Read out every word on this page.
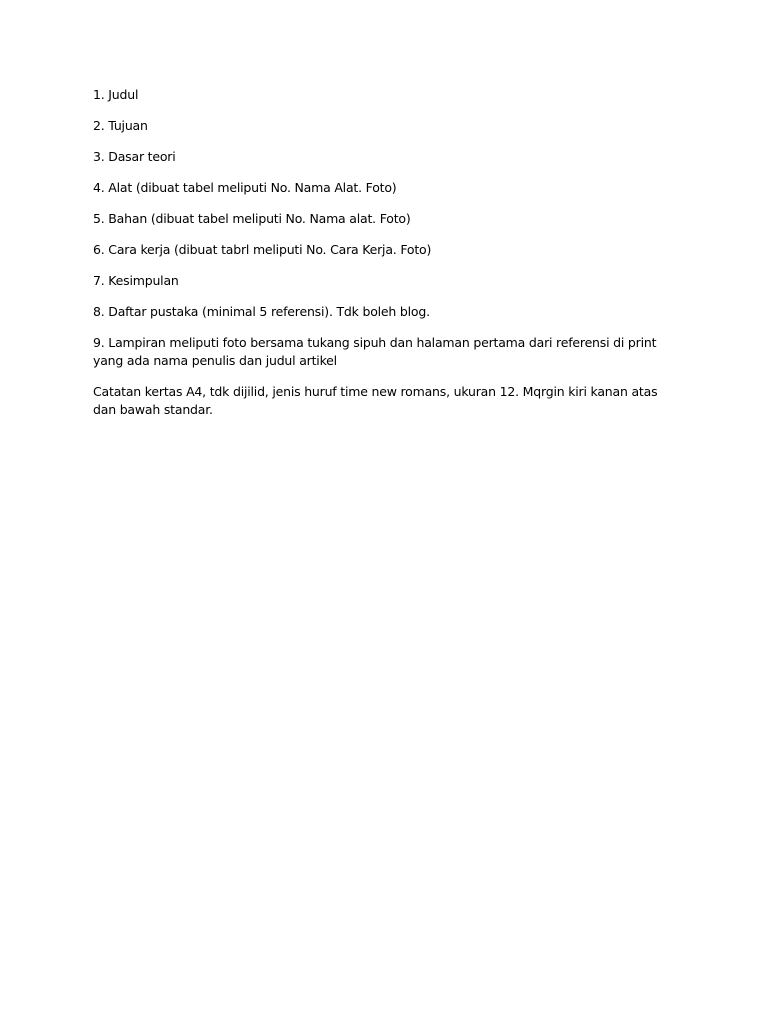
1. Judul

2. Tujuan

3. Dasar teori

4. Alat (dibuat tabel meliputi No. Nama Alat. Foto)

5. Bahan (dibuat tabel meliputi No. Nama alat. Foto)

6. Cara kerja (dibuat tabrl meliputi No. Cara Kerja. Foto)

7. Kesimpulan

8. Daftar pustaka (minimal 5 referensi). Tdk boleh blog.

9. Lampiran meliputi foto bersama tukang sipuh dan halaman pertama dari referensi di print yang ada nama penulis dan judul artikel

Catatan kertas A4, tdk dijilid, jenis huruf time new romans, ukuran 12. Mqrgin kiri kanan atas dan bawah standar.
